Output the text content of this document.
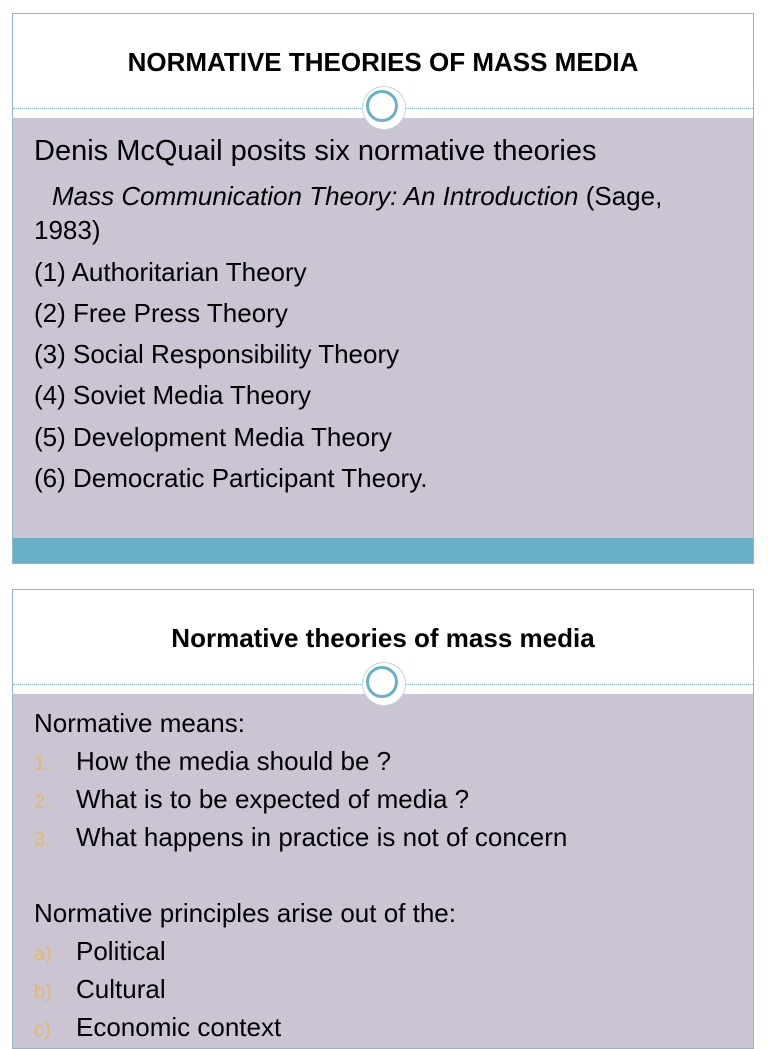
NORMATIVE THEORIES OF MASS MEDIA
Denis McQuail posits six normative theories
Mass Communication Theory: An Introduction (Sage,
1983)
(1) Authoritarian Theory
(2) Free Press Theory
(3) Social Responsibility Theory
(4) Soviet Media Theory
(5) Development Media Theory
(6) Democratic Participant Theory.
Normative theories of mass media
Normative means:
1. How the media should be ?
2. What is to be expected of media ?
3. What happens in practice is not of concern
Normative principles arise out of the:
a) Political
b) Cultural
c) Economic context
